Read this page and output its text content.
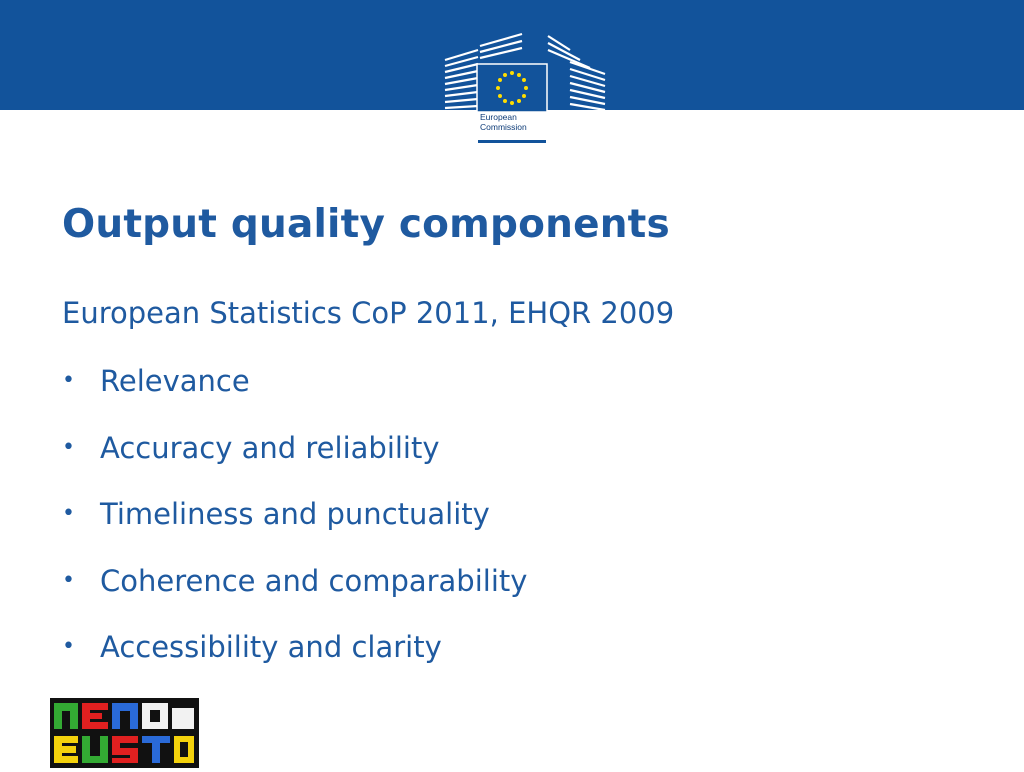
European
Commission
Output quality components

European Statistics CoP 2011, EHQR 2009

• Relevance
• Accuracy and reliability
• Timeliness and punctuality
• Coherence and comparability
• Accessibility and clarity
